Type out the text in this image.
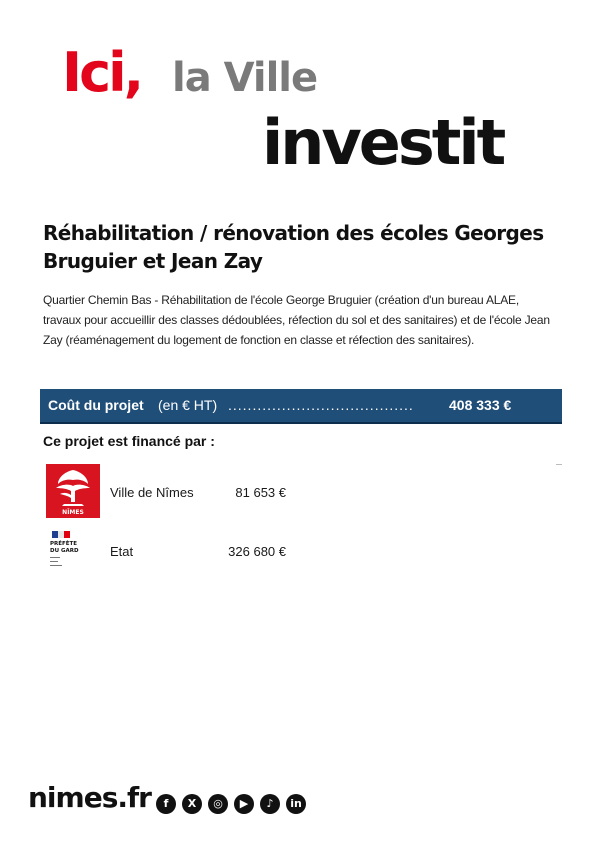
Ici, la Ville
investit
Réhabilitation / rénovation des écoles Georges Bruguier et Jean Zay
Quartier Chemin Bas - Réhabilitation de l'école George Bruguier (création d'un bureau ALAE, travaux pour accueillir des classes dédoublées, réfection du sol et des sanitaires) et de l'école Jean Zay (réaménagement du logement de fonction en classe et réfection des sanitaires).
Coût du projet (en € HT) ......................................	408 333 €
Ce projet est financé par :
NÎMES
Ville de Nîmes	81 653 €
PRÉFÈTE
DU GARD Etat	326 680 €
nimes.fr	f	X	◎	▶	♪	in
